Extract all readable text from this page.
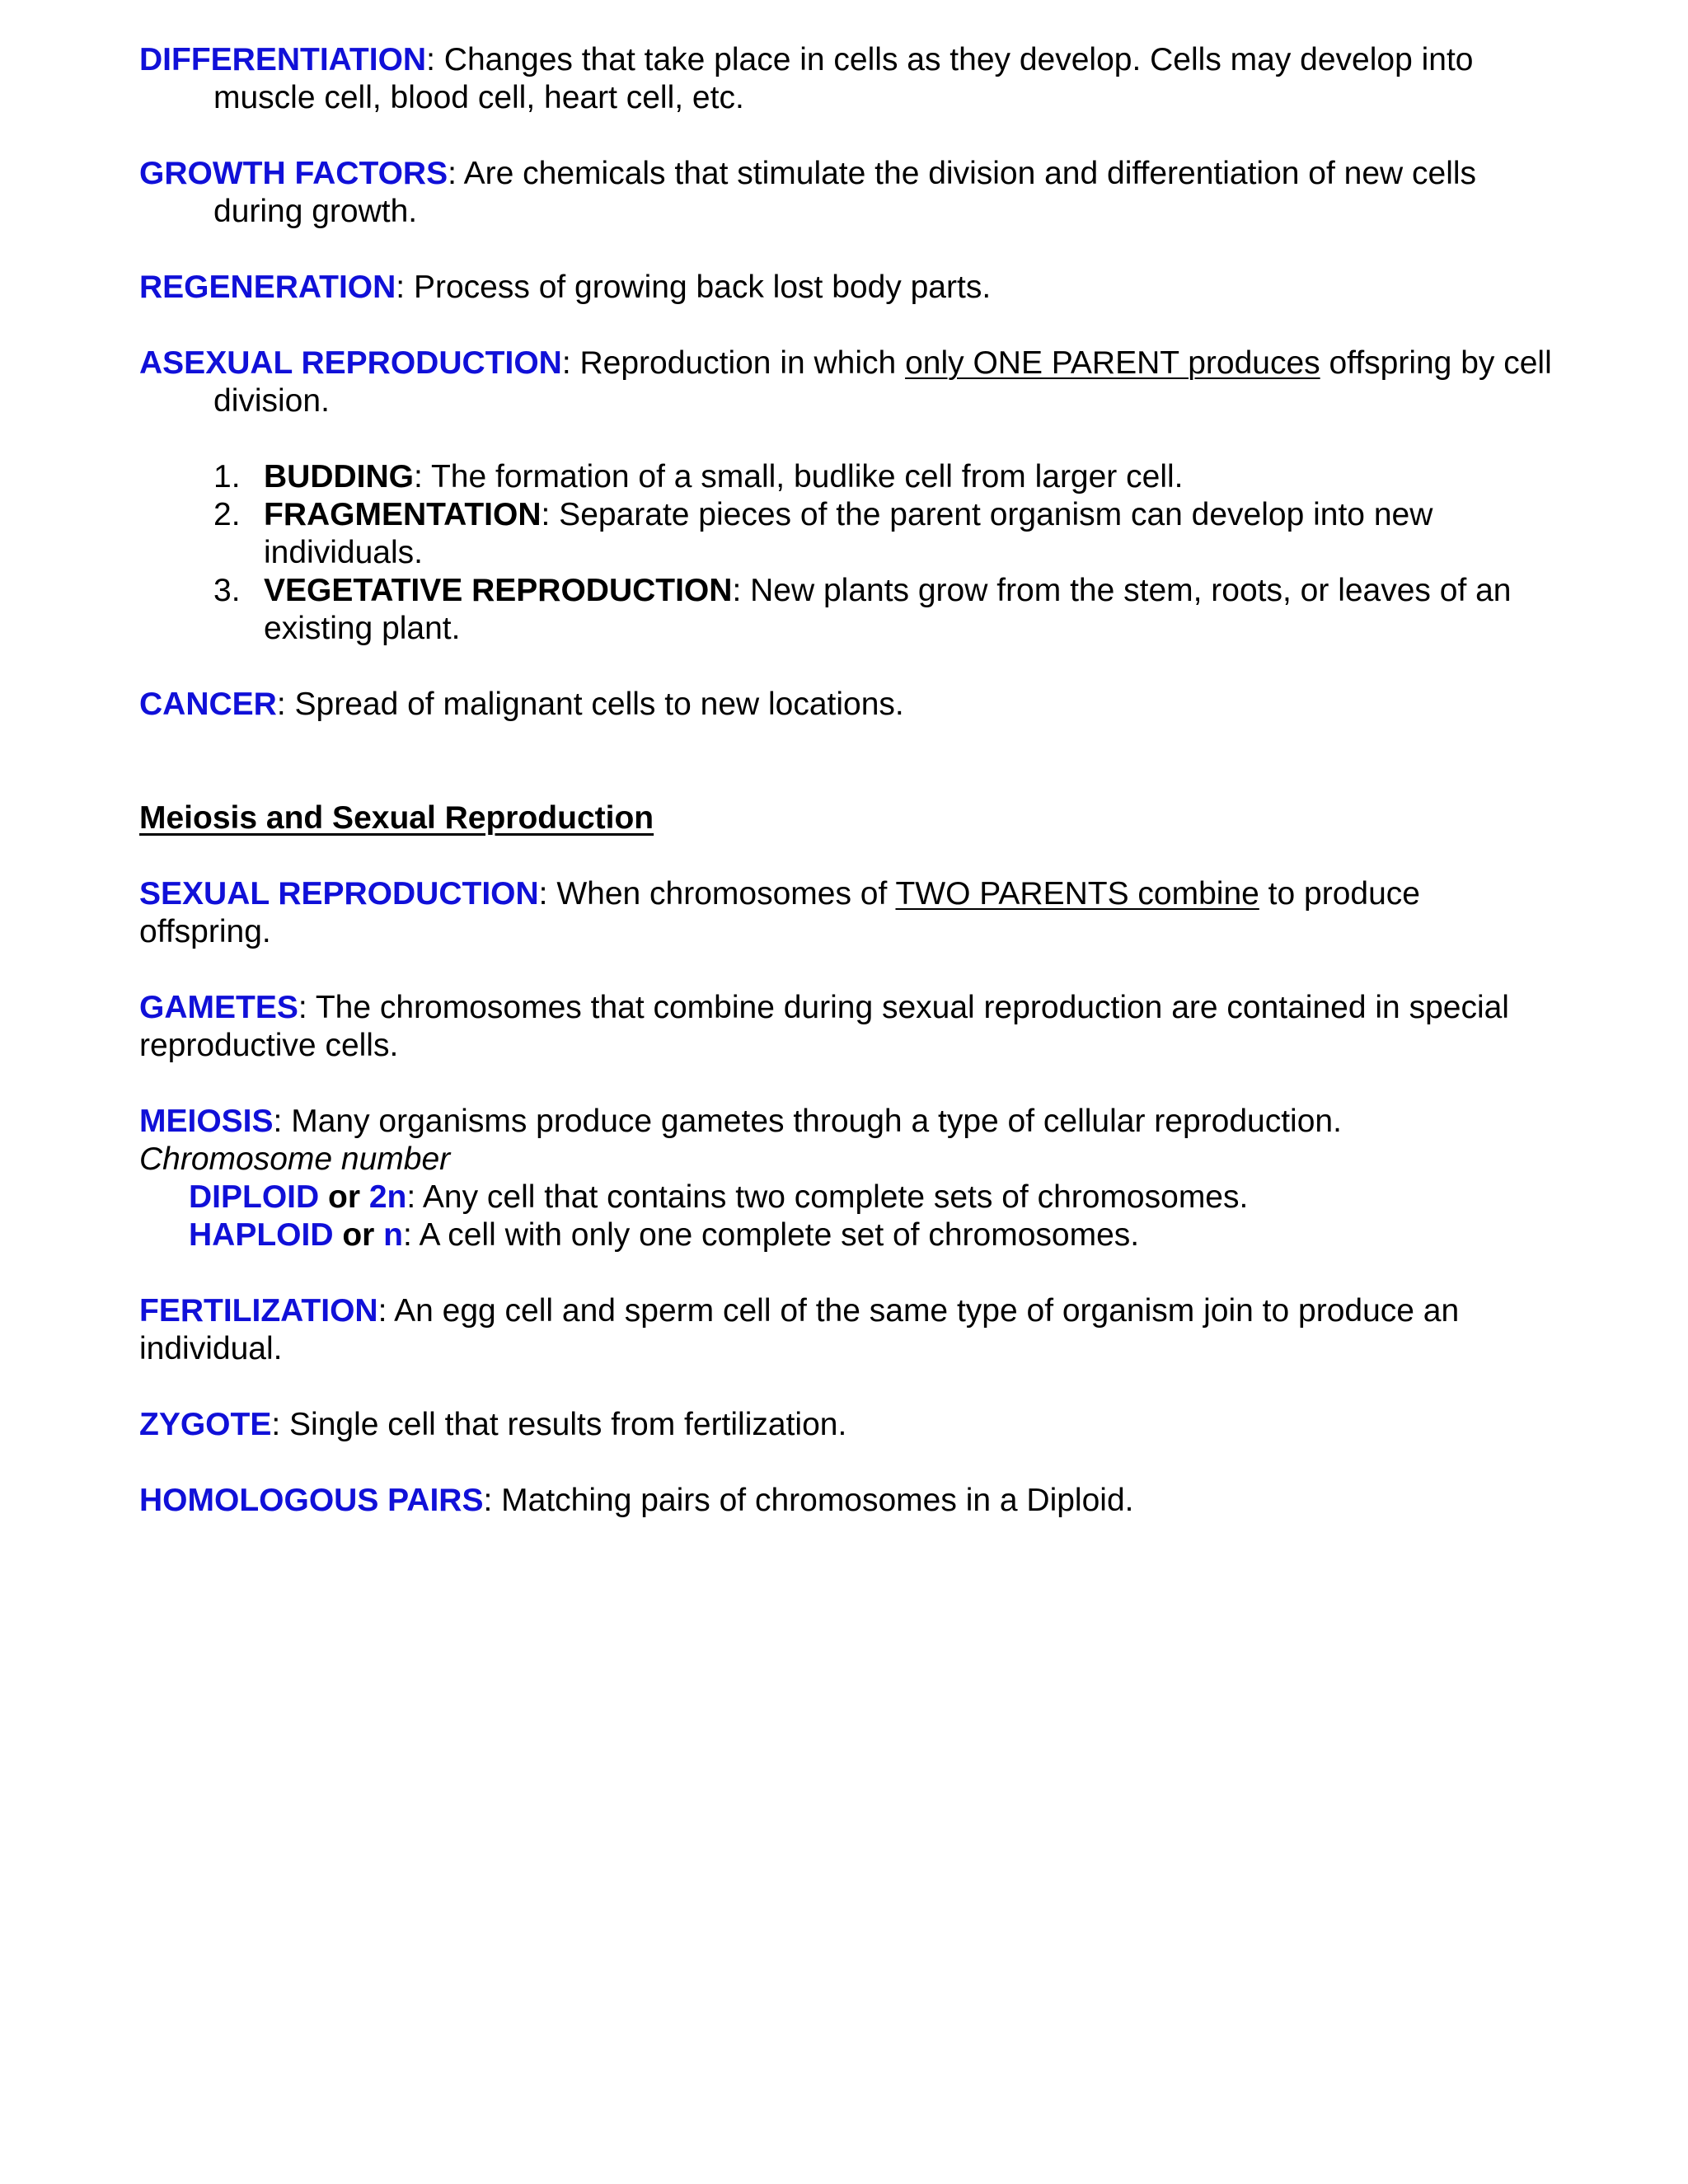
DIFFERENTIATION: Changes that take place in cells as they develop. Cells may develop into muscle cell, blood cell, heart cell, etc.

GROWTH FACTORS: Are chemicals that stimulate the division and differentiation of new cells during growth.

REGENERATION: Process of growing back lost body parts.

ASEXUAL REPRODUCTION: Reproduction in which only ONE PARENT produces offspring by cell division.

1. BUDDING: The formation of a small, budlike cell from larger cell.
2. FRAGMENTATION: Separate pieces of the parent organism can develop into new individuals.
3. VEGETATIVE REPRODUCTION: New plants grow from the stem, roots, or leaves of an existing plant.

CANCER: Spread of malignant cells to new locations.

Meiosis and Sexual Reproduction

SEXUAL REPRODUCTION: When chromosomes of TWO PARENTS combine to produce offspring.

GAMETES: The chromosomes that combine during sexual reproduction are contained in special reproductive cells.

MEIOSIS: Many organisms produce gametes through a type of cellular reproduction.

Chromosome number

DIPLOID or 2n: Any cell that contains two complete sets of chromosomes.

HAPLOID or n: A cell with only one complete set of chromosomes.

FERTILIZATION: An egg cell and sperm cell of the same type of organism join to produce an individual.

ZYGOTE: Single cell that results from fertilization.

HOMOLOGOUS PAIRS: Matching pairs of chromosomes in a Diploid.
